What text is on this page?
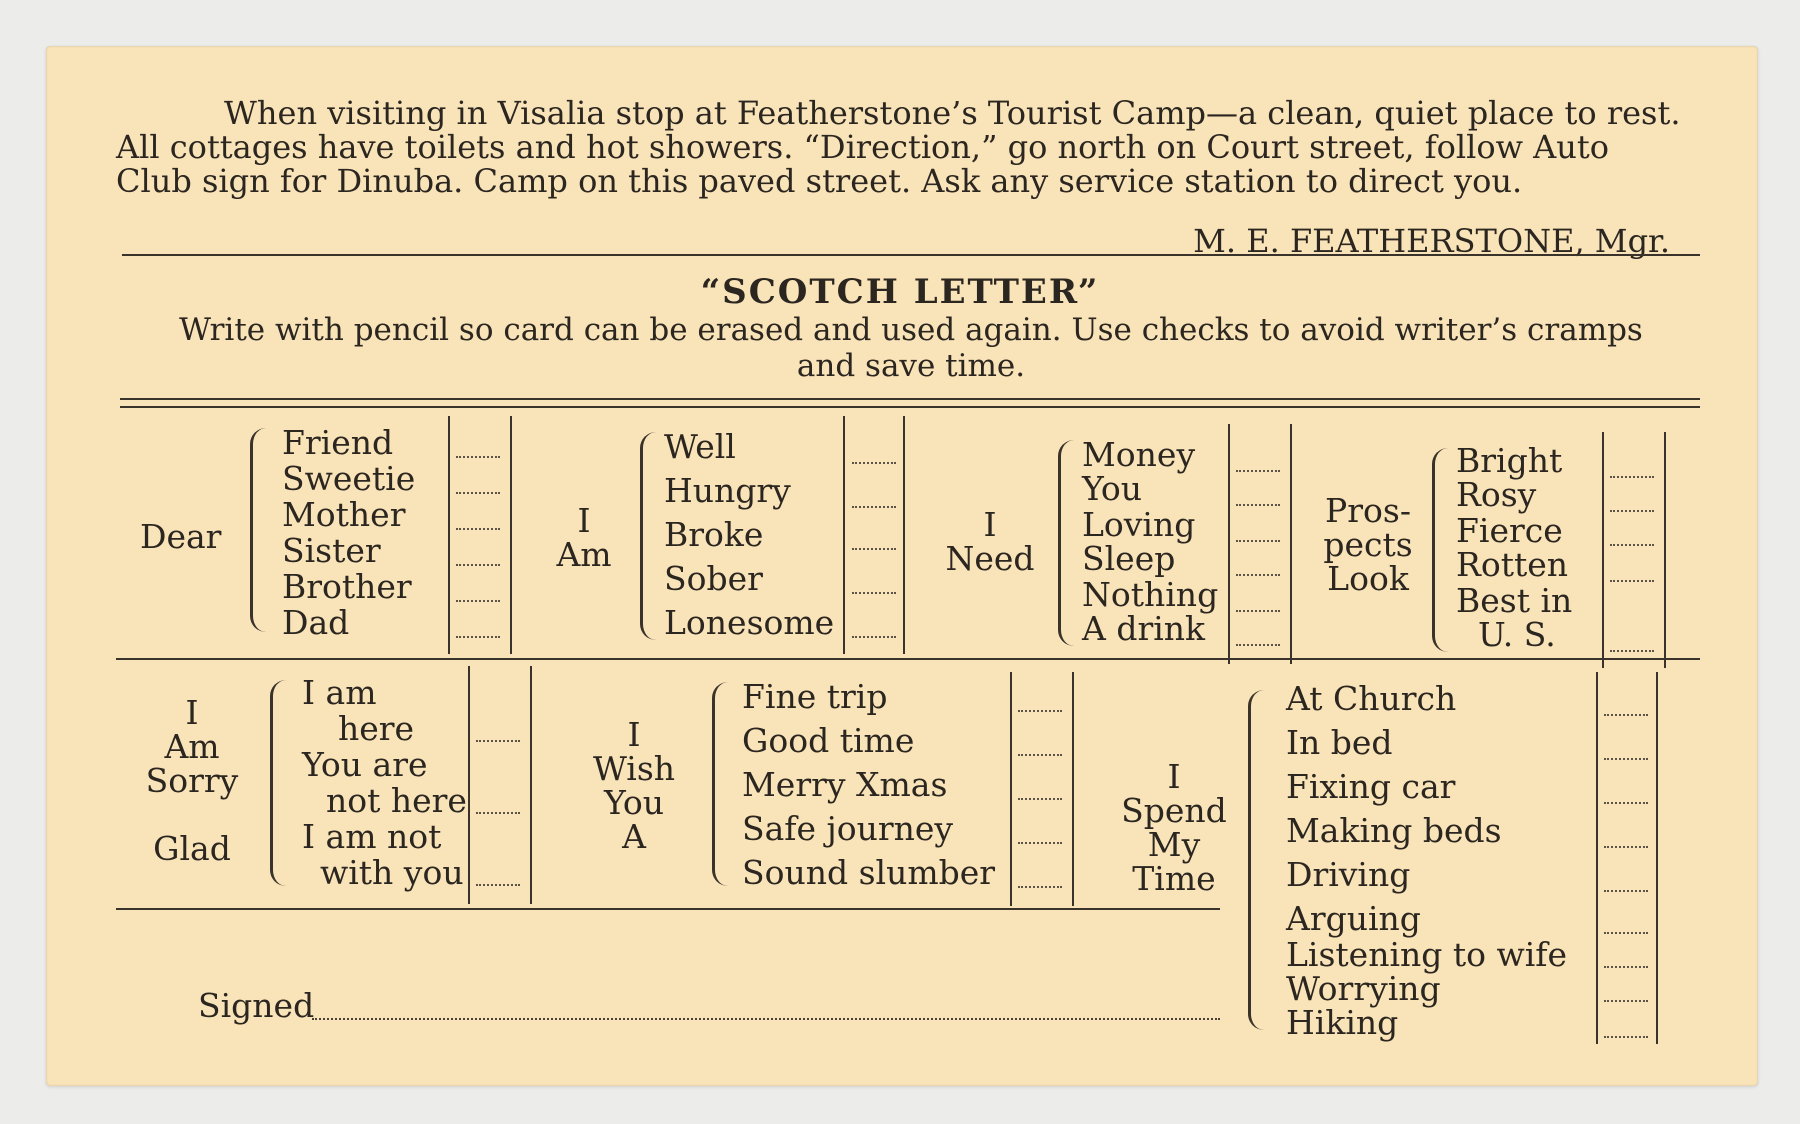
When visiting in Visalia stop at Featherstone’s Tourist Camp—a clean, quiet place to rest.
All cottages have toilets and hot showers. “Direction,” go north on Court street, follow Auto
Club sign for Dinuba. Camp on this paved street. Ask any service station to direct you.
M. E. FEATHERSTONE, Mgr.
“SCOTCH LETTER”
Write with pencil so card can be erased and used again. Use checks to avoid writer’s cramps
and save time.
Dear
Friend
Sweetie
Mother
Sister
Brother
Dad
I
Am
Well
Hungry
Broke
Sober
Lonesome
I
Need
Money
You
Loving
Sleep
Nothing
A drink
Pros-
pects
Look
Bright
Rosy
Fierce
Rotten
Best in
U. S.
I
Am
Sorry
Glad
I am
here
You are
not here
I am not
with you
I
Wish
You
A
Fine trip
Good time
Merry Xmas
Safe journey
Sound slumber
I
Spend
My
Time
At Church
In bed
Fixing car
Making beds
Driving
Arguing
Listening to wife
Worrying
Hiking
Signed
